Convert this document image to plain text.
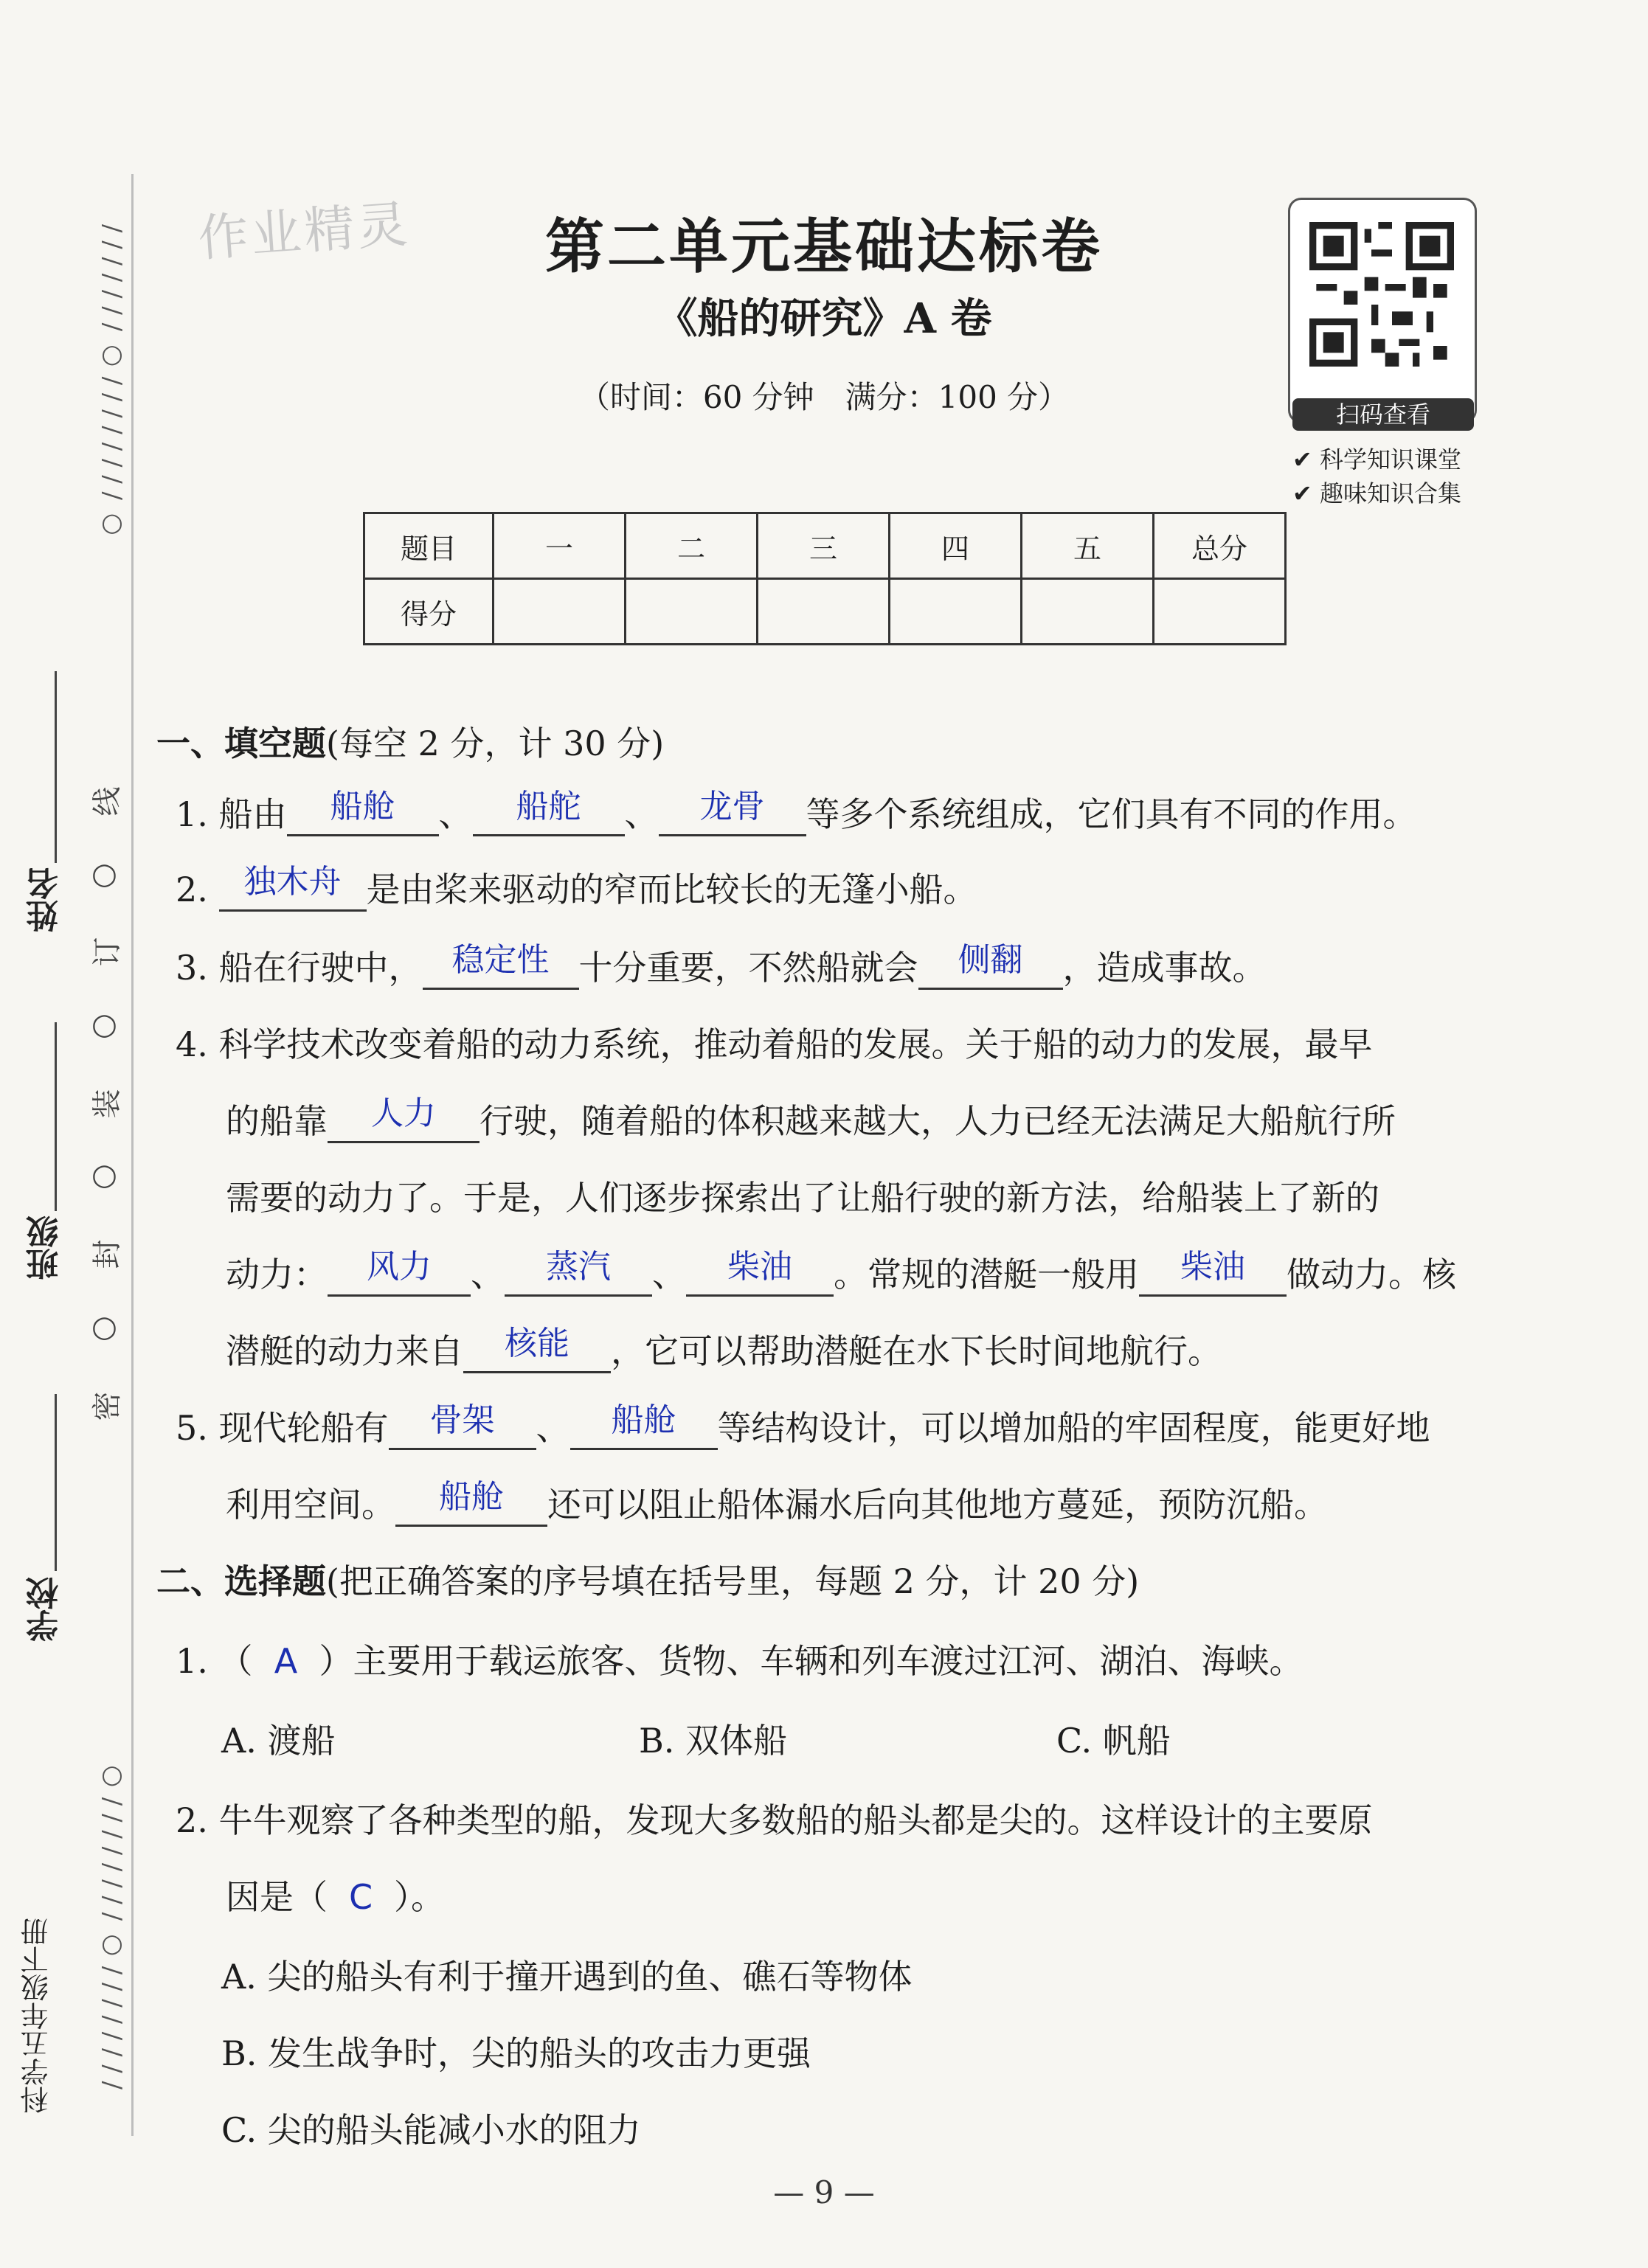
/ / / / / / / ○ / / / / / / / / ○
○ / / / / / / / / ○ / / / / / / / /
线
○
订
○
装
○
封
○
密
姓名
班级
学校
科学五年级下册
作业精灵	第二单元基础达标卷
《船的研究》A 卷
（时间：60 分钟　满分：100 分）	扫码查看
✔ 科学知识课堂
✔ 趣味知识合集
题目	一	二	三	四	五	总分
得分						
一、填空题(每空 2 分，计 30 分)
1. 船由	船舱	、	船舵	、	龙骨	等多个系统组成，它们具有不同的作用。
2.	独木舟 是由桨来驱动的窄而比较长的无篷小船。
3. 船在行驶中， 稳定性 十分重要，不然船就会	侧翻	，造成事故。
4. 科学技术改变着船的动力系统，推动着船的发展。关于船的动力的发展，最早
的船靠	人力	行驶，随着船的体积越来越大，人力已经无法满足大船航行所
需要的动力了。于是，人们逐步探索出了让船行驶的新方法，给船装上了新的
动力：	风力	、	蒸汽	、	柴油	。常规的潜艇一般用	柴油	做动力。核
潜艇的动力来自	核能	，它可以帮助潜艇在水下长时间地航行。
5. 现代轮船有	骨架	、	船舱	等结构设计，可以增加船的牢固程度，能更好地
利用空间。	船舱	还可以阻止船体漏水后向其他地方蔓延，预防沉船。
二、选择题(把正确答案的序号填在括号里，每题 2 分，计 20 分)
1. （ A ）主要用于载运旅客、货物、车辆和列车渡过江河、湖泊、海峡。
A. 渡船	B. 双体船	C. 帆船
2. 牛牛观察了各种类型的船，发现大多数船的船头都是尖的。这样设计的主要原
因是（ C ）。
A. 尖的船头有利于撞开遇到的鱼、礁石等物体
B. 发生战争时，尖的船头的攻击力更强
C. 尖的船头能减小水的阻力
— 9 —
